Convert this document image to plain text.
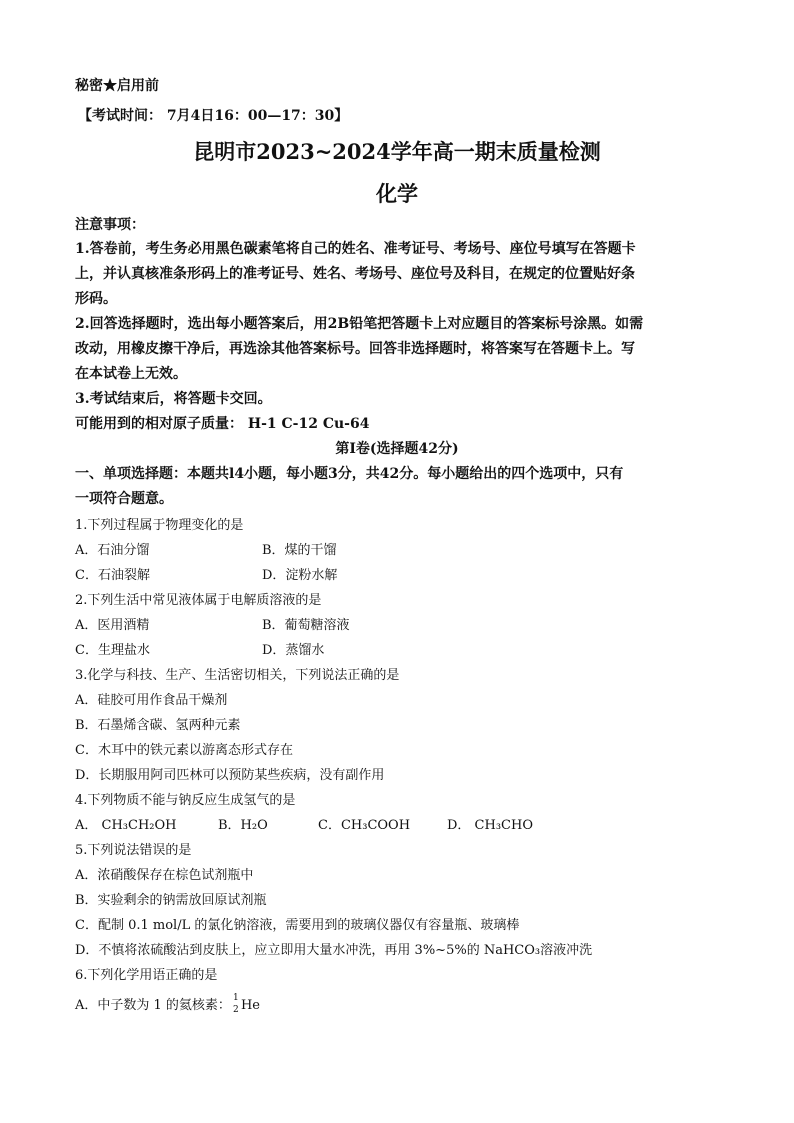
秘密★启用前
【考试时间： 7月4日16：00—17：30】
昆明市2023~2024学年高一期末质量检测
化学
注意事项：
1.答卷前，考生务必用黑色碳素笔将自己的姓名、准考证号、考场号、座位号填写在答题卡
上，并认真核准条形码上的准考证号、姓名、考场号、座位号及科目，在规定的位置贴好条
形码。
2.回答选择题时，选出每小题答案后，用2B铅笔把答题卡上对应题目的答案标号涂黑。如需
改动，用橡皮擦干净后，再选涂其他答案标号。回答非选择题时，将答案写在答题卡上。写
在本试卷上无效。
3.考试结束后，将答题卡交回。
可能用到的相对原子质量： H-1 C-12 Cu-64
第Ⅰ卷(选择题42分)
一、单项选择题：本题共l4小题，每小题3分，共42分。每小题给出的四个选项中，只有
一项符合题意。
1.下列过程属于物理变化的是
A．石油分馏	B．煤的干馏
C．石油裂解	D．淀粉水解
2.下列生活中常见液体属于电解质溶液的是
A．医用酒精	B．葡萄糖溶液
C．生理盐水	D．蒸馏水
3.化学与科技、生产、生活密切相关，下列说法正确的是
A．硅胶可用作食品干燥剂
B．石墨烯含碳、氢两种元素
C．木耳中的铁元素以游离态形式存在
D．长期服用阿司匹林可以预防某些疾病，没有副作用
4.下列物质不能与钠反应生成氢气的是
A． CH₃CH₂OH	B．H₂O	C．CH₃COOH	D． CH₃CHO
5.下列说法错误的是
A．浓硝酸保存在棕色试剂瓶中
B．实验剩余的钠需放回原试剂瓶
C．配制 0.1 mol/L 的氯化钠溶液，需要用到的玻璃仪器仅有容量瓶、玻璃棒
D．不慎将浓硫酸沾到皮肤上，应立即用大量水冲洗，再用 3%~5%的 NaHCO₃溶液冲洗
6.下列化学用语正确的是
A．中子数为 1 的氦核素： 1
2 He
